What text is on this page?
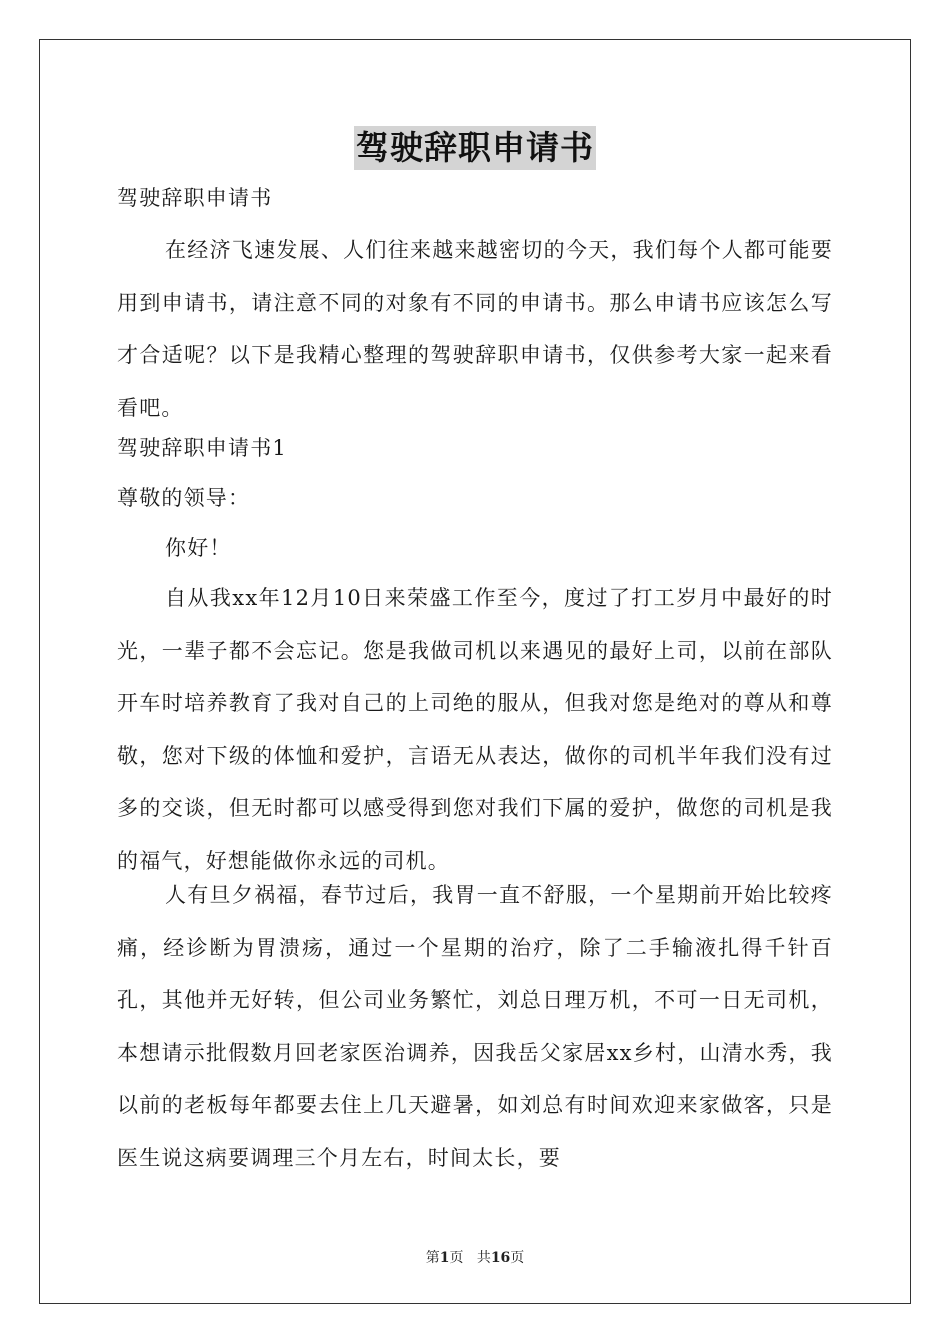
驾驶辞职申请书

驾驶辞职申请书

在经济飞速发展、人们往来越来越密切的今天，我们每个人都可能要用到申请书，请注意不同的对象有不同的申请书。那么申请书应该怎么写才合适呢？以下是我精心整理的驾驶辞职申请书，仅供参考大家一起来看看吧。

驾驶辞职申请书1

尊敬的领导：

你好！

自从我xx年12月10日来荣盛工作至今，度过了打工岁月中最好的时光，一辈子都不会忘记。您是我做司机以来遇见的最好上司，以前在部队开车时培养教育了我对自己的上司绝的服从，但我对您是绝对的尊从和尊敬，您对下级的体恤和爱护，言语无从表达，做你的司机半年我们没有过多的交谈，但无时都可以感受得到您对我们下属的爱护，做您的司机是我的福气，好想能做你永远的司机。

人有旦夕祸福，春节过后，我胃一直不舒服，一个星期前开始比较疼痛，经诊断为胃溃疡，通过一个星期的治疗，除了二手输液扎得千针百孔，其他并无好转，但公司业务繁忙，刘总日理万机，不可一日无司机，本想请示批假数月回老家医治调养，因我岳父家居xx乡村，山清水秀，我以前的老板每年都要去住上几天避暑，如刘总有时间欢迎来家做客，只是医生说这病要调理三个月左右，时间太长，要

第1页 共16页
